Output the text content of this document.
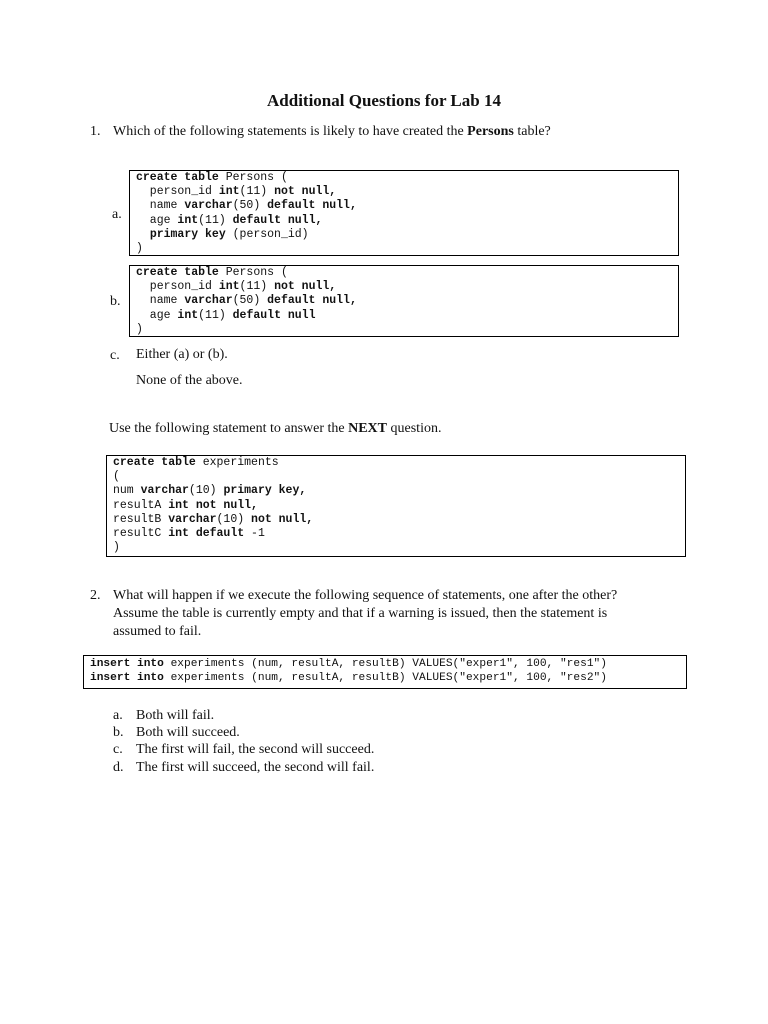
Additional Questions for Lab 14
1. Which of the following statements is likely to have created the Persons table?
a.
create table Persons (
person_id int(11) not null,
name varchar(50) default null,
age int(11) default null,
primary key (person_id)
)
b.
create table Persons (
person_id int(11) not null,
name varchar(50) default null,
age int(11) default null
)
c. Either (a) or (b).
None of the above.
Use the following statement to answer the NEXT question.
create table experiments
(
num varchar(10) primary key,
resultA int not null,
resultB varchar(10) not null,
resultC int default -1
)
2. What will happen if we execute the following sequence of statements, one after the other?
Assume the table is currently empty and that if a warning is issued, then the statement is
assumed to fail.
insert into experiments (num, resultA, resultB) VALUES("exper1", 100, "res1")
insert into experiments (num, resultA, resultB) VALUES("exper1", 100, "res2")
a. Both will fail.
b. Both will succeed.
c. The first will fail, the second will succeed.
d. The first will succeed, the second will fail.
